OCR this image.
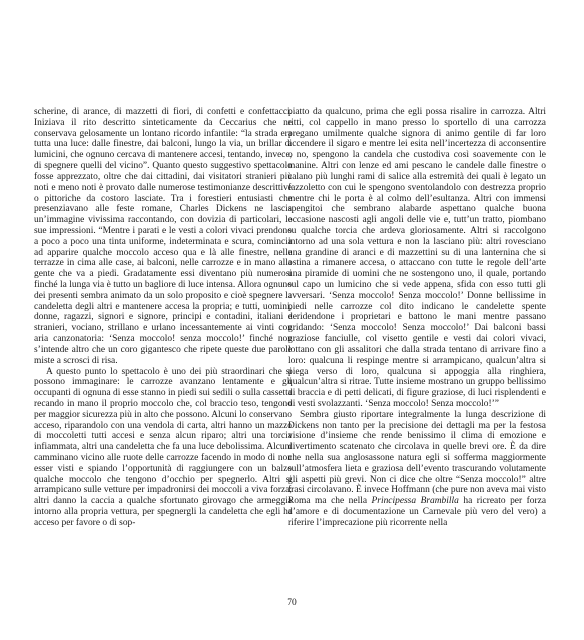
scherine, di arance, di mazzetti di fiori, di confetti e confettacci. Iniziava il rito descritto sinteticamente da Ceccarius che ne conservava gelosamente un lontano ricordo infantile: “la strada era tutta una luce: dalle finestre, dai balconi, lungo la via, un brillar di lumicini, che ognuno cercava di mantenere accesi, tentando, invece, di spegnere quelli del vicino”. Quanto questo suggestivo spettacolo fosse apprezzato, oltre che dai cittadini, dai visitatori stranieri più noti e meno noti è provato dalle numerose testimonianze descrittive o pittoriche da costoro lasciate. Tra i forestieri entusiasti che presenziavano alle feste romane, Charles Dickens ne lascia un’immagine vivissima raccontando, con dovizia di particolari, le sue impressioni. “Mentre i parati e le vesti a colori vivaci prendono a poco a poco una tinta uniforme, indeterminata e scura, comincia ad apparire qualche moccolo acceso qua e là alle finestre, nelle terrazze in cima alle case, ai balconi, nelle carrozze e in mano alla gente che va a piedi. Gradatamente essi diventano più numerosi finché la lunga via è tutto un bagliore di luce intensa. Allora ognuno dei presenti sembra animato da un solo proposito e cioè spegnere la candeletta degli altri e mantenere accesa la propria; e tutti, uomini, donne, ragazzi, signori e signore, principi e contadini, italiani e stranieri, vociano, strillano e urlano incessantemente ai vinti con aria canzonatoria: ‘Senza moccolo! senza moccolo!’ finché non s’intende altro che un coro gigantesco che ripete queste due parole miste a scrosci di risa.

A questo punto lo spettacolo è uno dei più straordinari che si possono immaginare: le carrozze avanzano lentamente e gli occupanti di ognuna di esse stanno in piedi sui sedili o sulla cassetta recando in mano il proprio moccolo che, col braccio teso, tengono per maggior sicurezza più in alto che possono. Alcuni lo conservano acceso, riparandolo con una vendola di carta, altri hanno un mazzo di moccoletti tutti accesi e senza alcun riparo; altri una torcia infiammata, altri una candeletta che fa una luce debolissima. Alcuni camminano vicino alle ruote delle carrozze facendo in modo di non esser visti e spiando l’opportunità di raggiungere con un balzo qualche moccolo che tengono d’occhio per spegnerlo. Altri si arrampicano sulle vetture per impadronirsi dei moccoli a viva forza; altri danno la caccia a qualche sfortunato girovago che armeggia intorno alla propria vettura, per spegnergli la candeletta che egli ha acceso per favore o di sop-

piatto da qualcuno, prima che egli possa risalire in carrozza. Altri ritti, col cappello in mano presso lo sportello di una carrozza pregano umilmente qualche signora di animo gentile di far loro accendere il sigaro e mentre lei esita nell’incertezza di acconsentire o no, spengono la candela che custodiva così soavemente con le manine. Altri con lenze ed ami pescano le candele dalle finestre o calano più lunghi rami di salice alla estremità dei quali è legato un fazzoletto con cui le spengono sventolandolo con destrezza proprio mentre chi le porta è al colmo dell’esultanza. Altri con immensi spengitoi che sembrano alabarde aspettano qualche buona occasione nascosti agli angoli delle vie e, tutt’un tratto, piombano su qualche torcia che ardeva gloriosamente. Altri si raccolgono intorno ad una sola vettura e non la lasciano più: altri rovesciano una grandine di aranci e di mazzettini su di una lanternina che si ostina a rimanere accesa, o attaccano con tutte le regole dell’arte una piramide di uomini che ne sostengono uno, il quale, portando sul capo un lumicino che si vede appena, sfida con esso tutti gli avversari. ‘Senza moccolo! Senza moccolo!’ Donne bellissime in piedi nelle carrozze col dito indicano le candelette spente deridendone i proprietari e battono le mani mentre passano gridando: ‘Senza moccolo! Senza moccolo!’ Dai balconi bassi graziose fanciulle, col visetto gentile e vesti dai colori vivaci, lottano con gli assalitori che dalla strada tentano di arrivare fino a loro: qualcuna li respinge mentre si arrampicano, qualcun’altra si piega verso di loro, qualcuna si appoggia alla ringhiera, qualcun’altra si ritrae. Tutte insieme mostrano un gruppo bellissimo di braccia e di petti delicati, di figure graziose, di luci risplendenti e di vesti svolazzanti. ‘Senza moccolo! Senza moccolo!’”

Sembra giusto riportare integralmente la lunga descrizione di Dickens non tanto per la precisione dei dettagli ma per la festosa visione d’insieme che rende benissimo il clima di emozione e divertimento scatenato che circolava in quelle brevi ore. È da dire che nella sua anglosassone natura egli si sofferma maggiormente sull’atmosfera lieta e graziosa dell’evento trascurando volutamente gli aspetti più grevi. Non ci dice che oltre “Senza moccolo!” altre frasi circolavano. È invece Hoffmann (che pure non aveva mai visto Roma ma che nella Principessa Brambilla ha ricreato per forza d’amore e di documentazione un Carnevale più vero del vero) a riferire l’imprecazione più ricorrente nella

70
